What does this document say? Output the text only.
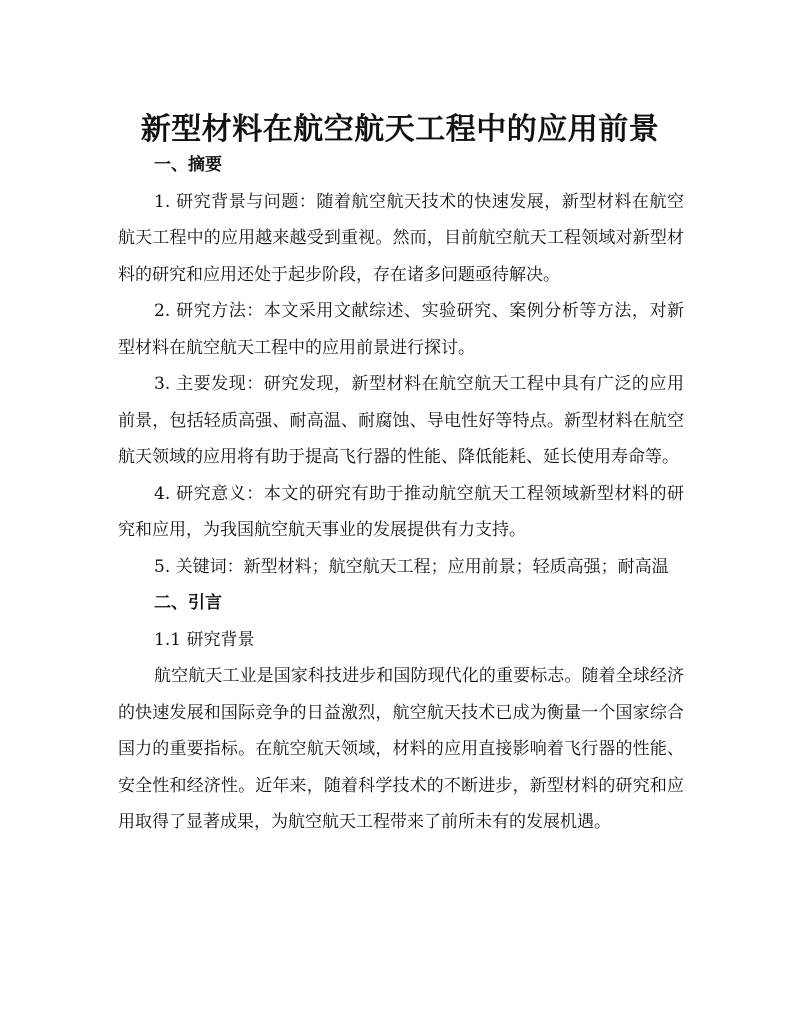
新型材料在航空航天工程中的应用前景

一、摘要

1. 研究背景与问题：随着航空航天技术的快速发展，新型材料在航空航天工程中的应用越来越受到重视。然而，目前航空航天工程领域对新型材料的研究和应用还处于起步阶段，存在诸多问题亟待解决。

2. 研究方法：本文采用文献综述、实验研究、案例分析等方法，对新型材料在航空航天工程中的应用前景进行探讨。

3. 主要发现：研究发现，新型材料在航空航天工程中具有广泛的应用前景，包括轻质高强、耐高温、耐腐蚀、导电性好等特点。新型材料在航空航天领域的应用将有助于提高飞行器的性能、降低能耗、延长使用寿命等。

4. 研究意义：本文的研究有助于推动航空航天工程领域新型材料的研究和应用，为我国航空航天事业的发展提供有力支持。

5. 关键词：新型材料；航空航天工程；应用前景；轻质高强；耐高温

二、引言

1.1 研究背景

航空航天工业是国家科技进步和国防现代化的重要标志。随着全球经济的快速发展和国际竞争的日益激烈，航空航天技术已成为衡量一个国家综合国力的重要指标。在航空航天领域，材料的应用直接影响着飞行器的性能、安全性和经济性。近年来，随着科学技术的不断进步，新型材料的研究和应用取得了显著成果，为航空航天工程带来了前所未有的发展机遇。
